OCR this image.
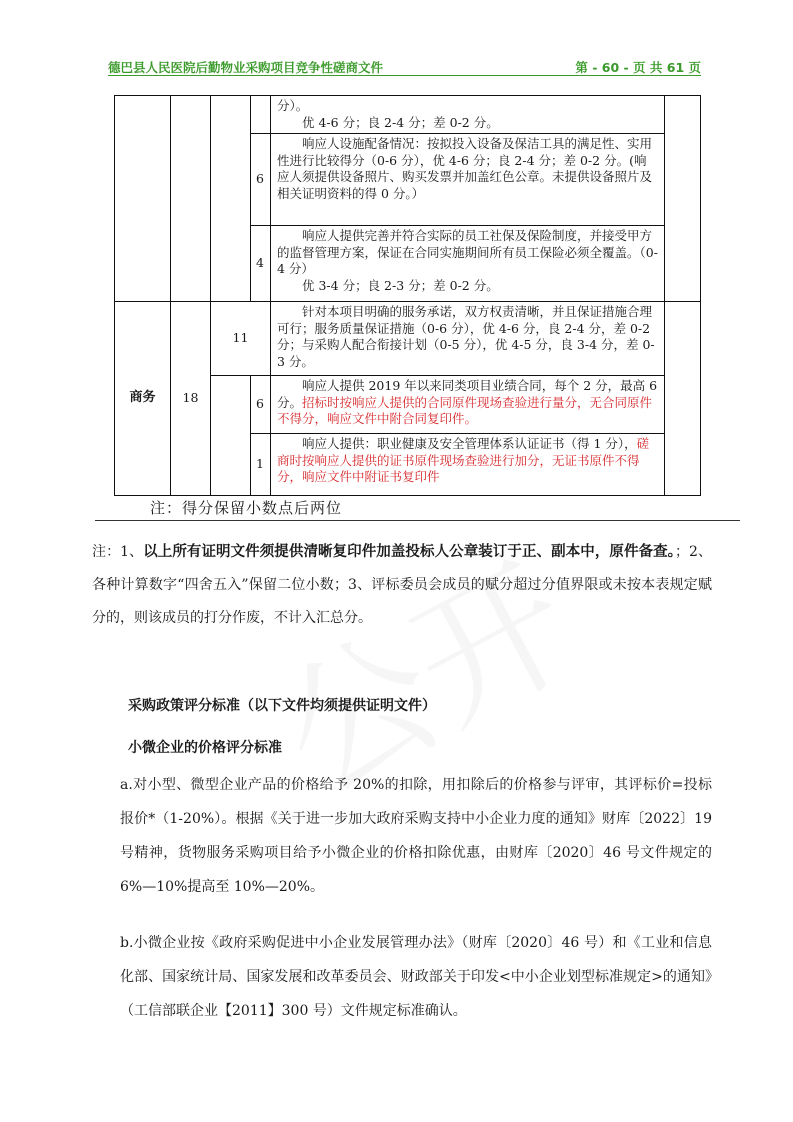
德巴县人民医院后勤物业采购项目竞争性磋商文件	第 - 60 - 页 共 61 页

				分）。

优 4-6 分；良 2-4 分；差 0-2 分。	

			6	响应人设施配备情况：按拟投入设备及保洁工具的满足性、实用性进行比较得分（0-6 分），优 4-6 分；良 2-4 分；差 0-2 分。(响应人须提供设备照片、购买发票并加盖红色公章。未提供设备照片及相关证明资料的得 0 分。）	

			4	响应人提供完善并符合实际的员工社保及保险制度，并接受甲方的监督管理方案，保证在合同实施期间所有员工保险必须全覆盖。（0-4 分）

优 3-4 分；良 2-3 分；差 0-2 分。	

商务	18	11		针对本项目明确的服务承诺，双方权责清晰，并且保证措施合理可行；服务质量保证措施（0-6 分），优 4-6 分，良 2-4 分，差 0-2 分；与采购人配合衔接计划（0-5 分），优 4-5 分，良 3-4 分，差 0-3 分。	

			6	响应人提供 2019 年以来同类项目业绩合同，每个 2 分，最高 6 分。招标时按响应人提供的合同原件现场查验进行量分，无合同原件不得分，响应文件中附合同复印件。	

			1	响应人提供：职业健康及安全管理体系认证证书（得 1 分），磋商时按响应人提供的证书原件现场查验进行加分，无证书原件不得分，响应文件中附证书复印件	

注：得分保留小数点后两位
注：1、以上所有证明文件须提供清晰复印件加盖投标人公章装订于正、副本中，原件备查。；2、各种计算数字“四舍五入”保留二位小数；3、评标委员会成员的赋分超过分值界限或未按本表规定赋分的，则该成员的打分作废，不计入汇总分。
采购政策评分标准（以下文件均须提供证明文件）
小微企业的价格评分标准
a.对小型、微型企业产品的价格给予 20%的扣除，用扣除后的价格参与评审，其评标价=投标报价*（1-20%）。根据《关于进一步加大政府采购支持中小企业力度的通知》财库〔2022〕19 号精神，货物服务采购项目给予小微企业的价格扣除优惠，由财库〔2020〕46 号文件规定的 6%—10%提高至 10%—20%。
b.小微企业按《政府采购促进中小企业发展管理办法》（财库〔2020〕46 号）和《工业和信息化部、国家统计局、国家发展和改革委员会、财政部关于印发<中小企业划型标准规定>的通知》（工信部联企业【2011】300 号）文件规定标准确认。
